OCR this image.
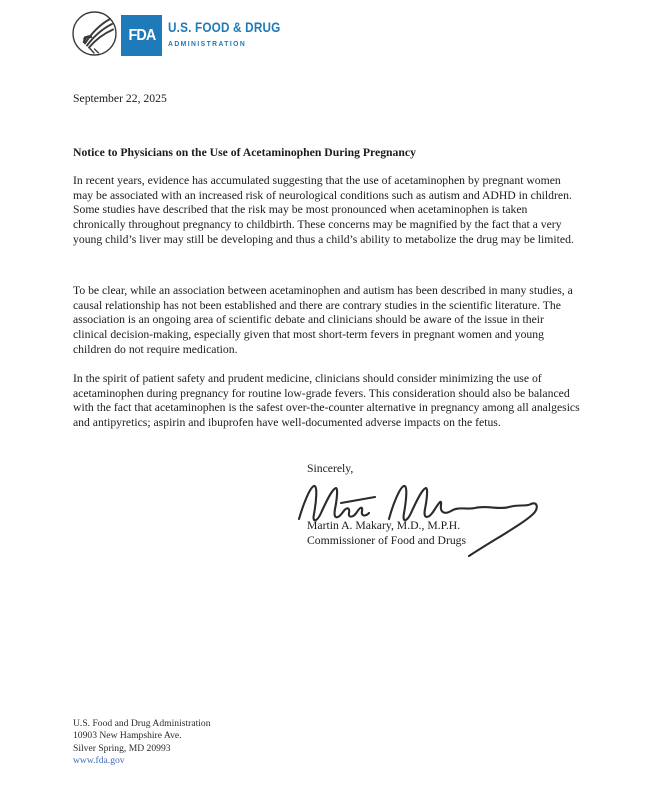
FDA U.S. FOOD & DRUG
ADMINISTRATION
September 22, 2025
Notice to Physicians on the Use of Acetaminophen During Pregnancy

In recent years, evidence has accumulated suggesting that the use of acetaminophen by pregnant women may be associated with an increased risk of neurological conditions such as autism and ADHD in children. Some studies have described that the risk may be most pronounced when acetaminophen is taken chronically throughout pregnancy to childbirth. These concerns may be magnified by the fact that a very young child’s liver may still be developing and thus a child’s ability to metabolize the drug may be limited.

To be clear, while an association between acetaminophen and autism has been described in many studies, a causal relationship has not been established and there are contrary studies in the scientific literature. The association is an ongoing area of scientific debate and clinicians should be aware of the issue in their clinical decision-making, especially given that most short-term fevers in pregnant women and young children do not require medication.

In the spirit of patient safety and prudent medicine, clinicians should consider minimizing the use of acetaminophen during pregnancy for routine low-grade fevers. This consideration should also be balanced with the fact that acetaminophen is the safest over-the-counter alternative in pregnancy among all analgesics and antipyretics; aspirin and ibuprofen have well-documented adverse impacts on the fetus.

Sincerely,
Martin A. Makary, M.D., M.P.H.
Commissioner of Food and Drugs
U.S. Food and Drug Administration
10903 New Hampshire Ave.
Silver Spring, MD 20993
www.fda.gov
